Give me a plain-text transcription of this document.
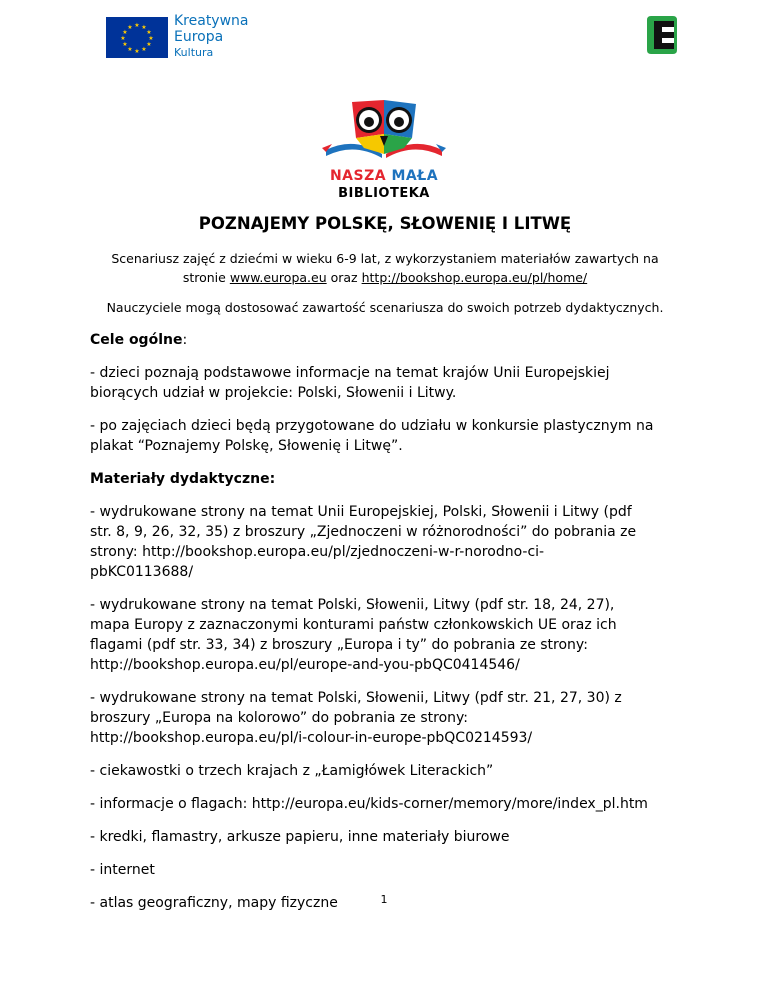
★ ★
★
★
★
★
★
★
★
★
★
★	Kreatywna
Europa
Kultura
NASZA MAŁA
BIBLIOTEKA
POZNAJEMY POLSKĘ, SŁOWENIĘ I LITWĘ

Scenariusz zajęć z dziećmi w wieku 6-9 lat, z wykorzystaniem materiałów zawartych na
stronie www.europa.eu oraz http://bookshop.europa.eu/pl/home/

Nauczyciele mogą dostosować zawartość scenariusza do swoich potrzeb dydaktycznych.

Cele ogólne:

- dzieci poznają podstawowe informacje na temat krajów Unii Europejskiej
biorących udział w projekcie: Polski, Słowenii i Litwy.

- po zajęciach dzieci będą przygotowane do udziału w konkursie plastycznym na
plakat “Poznajemy Polskę, Słowenię i Litwę”.

Materiały dydaktyczne:

- wydrukowane strony na temat Unii Europejskiej, Polski, Słowenii i Litwy (pdf
str. 8, 9, 26, 32, 35) z broszury „Zjednoczeni w różnorodności” do pobrania ze
strony: http://bookshop.europa.eu/pl/zjednoczeni-w-r-norodno-ci-
pbKC0113688/

- wydrukowane strony na temat Polski, Słowenii, Litwy (pdf str. 18, 24, 27),
mapa Europy z zaznaczonymi konturami państw członkowskich UE oraz ich
flagami (pdf str. 33, 34) z broszury „Europa i ty” do pobrania ze strony:
http://bookshop.europa.eu/pl/europe-and-you-pbQC0414546/

- wydrukowane strony na temat Polski, Słowenii, Litwy (pdf str. 21, 27, 30) z
broszury „Europa na kolorowo” do pobrania ze strony:
http://bookshop.europa.eu/pl/i-colour-in-europe-pbQC0214593/

- ciekawostki o trzech krajach z „Łamigłówek Literackich”

- informacje o flagach: http://europa.eu/kids-corner/memory/more/index_pl.htm

- kredki, flamastry, arkusze papieru, inne materiały biurowe

- internet

- atlas geograficzny, mapy fizyczne	1
